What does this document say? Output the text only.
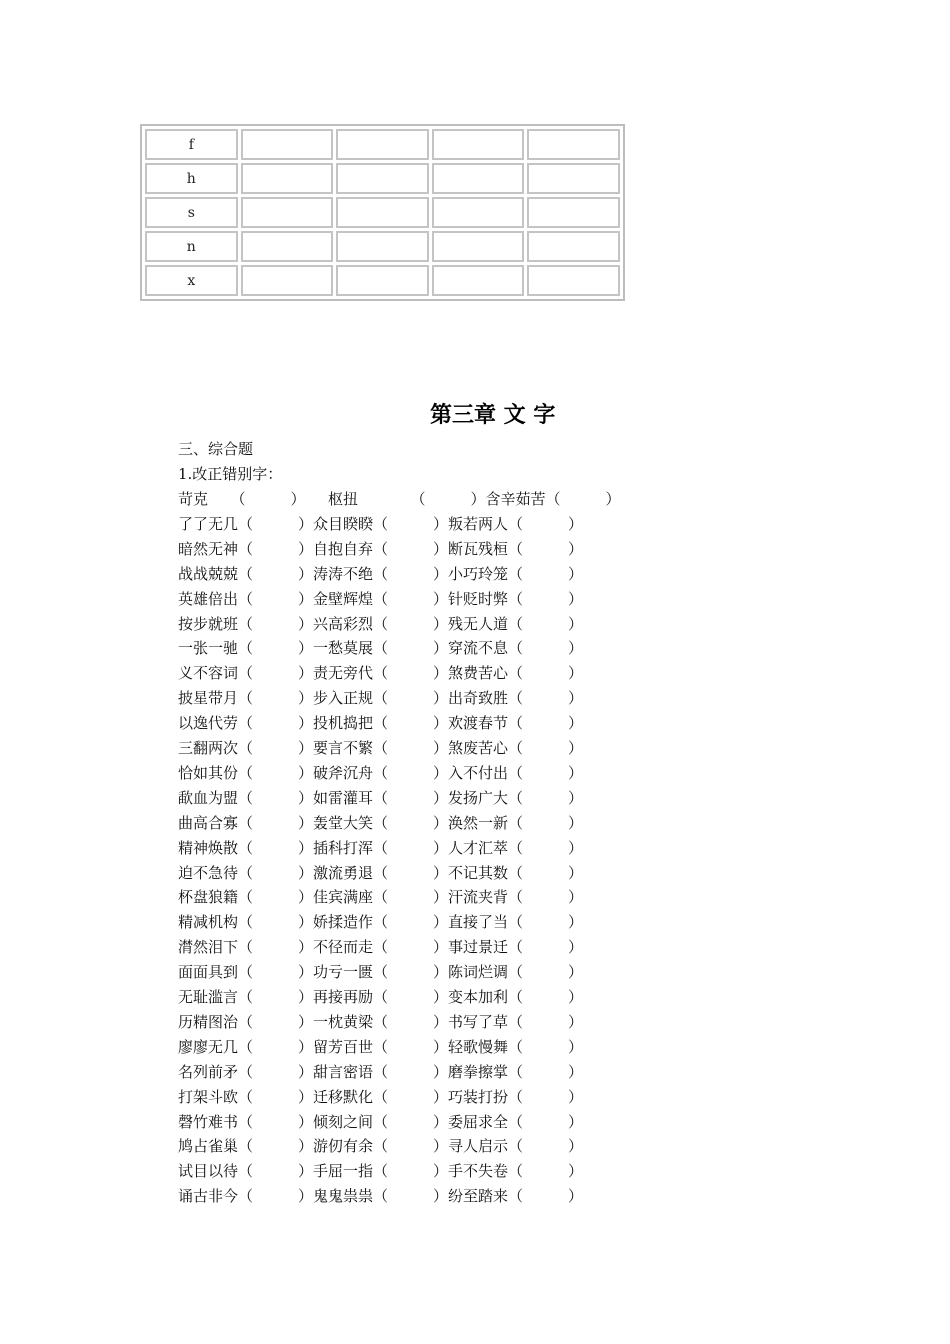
f				
h				
s				
n				
x				
第三章 文 字
三、综合题
1.改正错别字：
苛克　　（　　　）　　枢扭　　　　（　　　）含辛茹苦（　　　）
了了无几（　　　）众目睽睽（　　　）叛若两人（　　　）
暗然无神（　　　）自抱自弃（　　　）断瓦残桓（　　　）
战战兢兢（　　　）涛涛不绝（　　　）小巧玲笼（　　　）
英雄倍出（　　　）金壁辉煌（　　　）针贬时弊（　　　）
按步就班（　　　）兴高彩烈（　　　）残无人道（　　　）
一张一驰（　　　）一愁莫展（　　　）穿流不息（　　　）
义不容词（　　　）责无旁代（　　　）煞费苦心（　　　）
披星带月（　　　）步入正规（　　　）出奇致胜（　　　）
以逸代劳（　　　）投机捣把（　　　）欢渡春节（　　　）
三翻两次（　　　）要言不繁（　　　）煞废苦心（　　　）
恰如其份（　　　）破斧沉舟（　　　）入不付出（　　　）
歃血为盟（　　　）如雷灌耳（　　　）发扬广大（　　　）
曲高合寡（　　　）轰堂大笑（　　　）涣然一新（　　　）
精神焕散（　　　）插科打浑（　　　）人才汇萃（　　　）
迫不急待（　　　）激流勇退（　　　）不记其数（　　　）
杯盘狼籍（　　　）佳宾满座（　　　）汗流夹背（　　　）
精减机构（　　　）娇揉造作（　　　）直接了当（　　　）
潸然泪下（　　　）不径而走（　　　）事过景迁（　　　）
面面具到（　　　）功亏一匮（　　　）陈词烂调（　　　）
无耻滥言（　　　）再接再励（　　　）变本加利（　　　）
历精图治（　　　）一枕黄梁（　　　）书写了草（　　　）
廖廖无几（　　　）留芳百世（　　　）轻歌慢舞（　　　）
名列前矛（　　　）甜言密语（　　　）磨拳擦掌（　　　）
打架斗欧（　　　）迁移默化（　　　）巧装打扮（　　　）
磬竹难书（　　　）倾刻之间（　　　）委屈求全（　　　）
鸠占雀巢（　　　）游仞有余（　　　）寻人启示（　　　）
试目以待（　　　）手屈一指（　　　）手不失卷（　　　）
诵古非今（　　　）鬼鬼祟祟（　　　）纷至踏来（　　　）
